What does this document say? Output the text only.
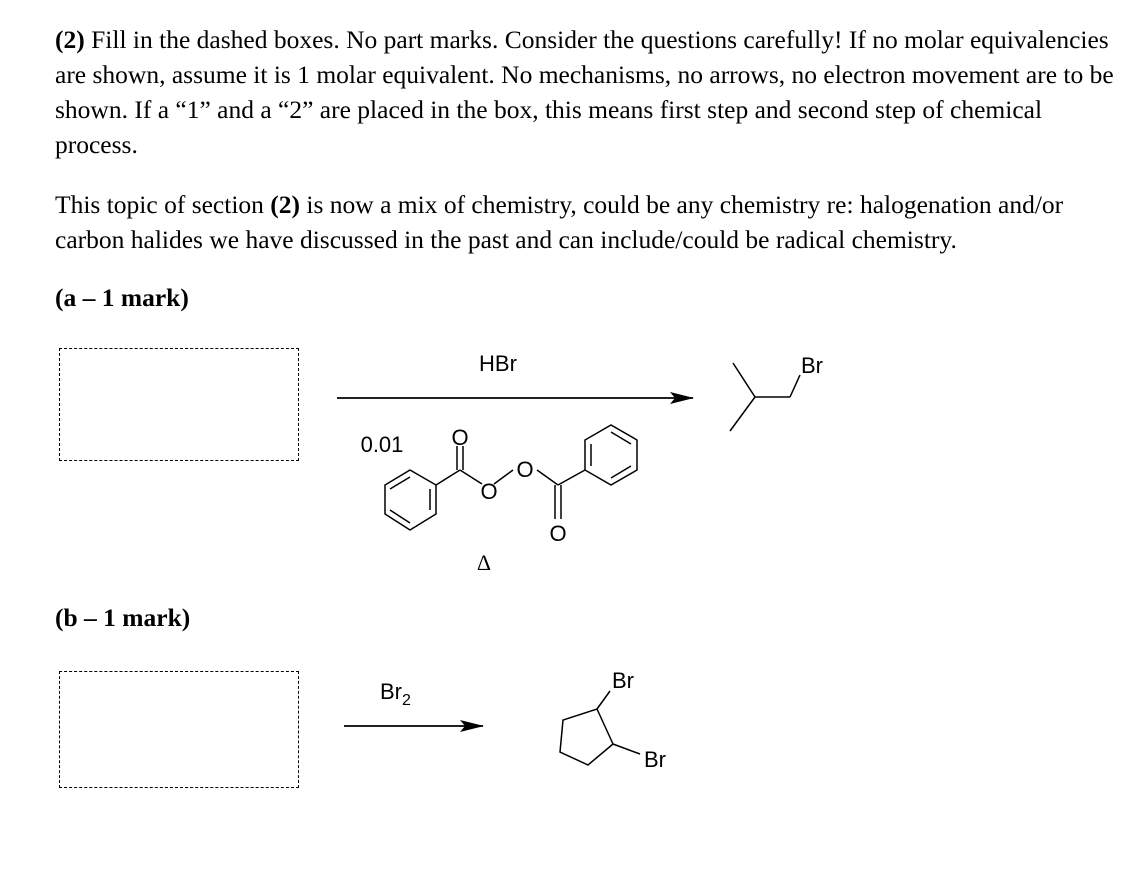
(2) Fill in the dashed boxes. No part marks. Consider the questions carefully! If no molar equivalencies are shown, assume it is 1 molar equivalent. No mechanisms, no arrows, no electron movement are to be shown. If a “1” and a “2” are placed in the box, this means first step and second step of chemical process.

This topic of section (2) is now a mix of chemistry, could be any chemistry re: halogenation and/or carbon halides we have discussed in the past and can include/could be radical chemistry.

(a – 1 mark)
(b – 1 mark)
HBr
0.01
Δ
O
O
O
O
Br
$Br_2$
Br
Br
